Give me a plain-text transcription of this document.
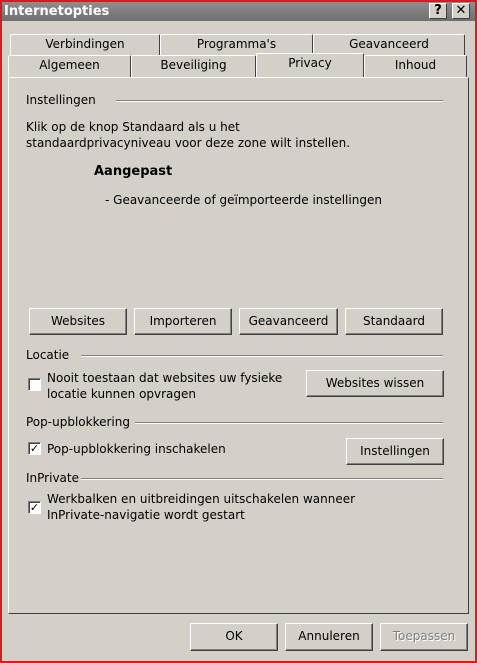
Internetopties	?	✕
Verbindingen	Programma's	Geavanceerd
Algemeen	Beveiliging	Privacy	Inhoud
Instellingen
Klik op de knop Standaard als u het
standaardprivacyniveau voor deze zone wilt instellen.
Aangepast
- Geavanceerde of geïmporteerde instellingen
Websites	Importeren	Geavanceerd	Standaard
Locatie
Nooit toestaan dat websites uw fysieke
locatie kunnen opvragen
Websites wissen
Pop-upblokkering
✓ Pop-upblokkering inschakelen	Instellingen
InPrivate
✓
Werkbalken en uitbreidingen uitschakelen wanneer
InPrivate-navigatie wordt gestart
OK	Annuleren	Toepassen
